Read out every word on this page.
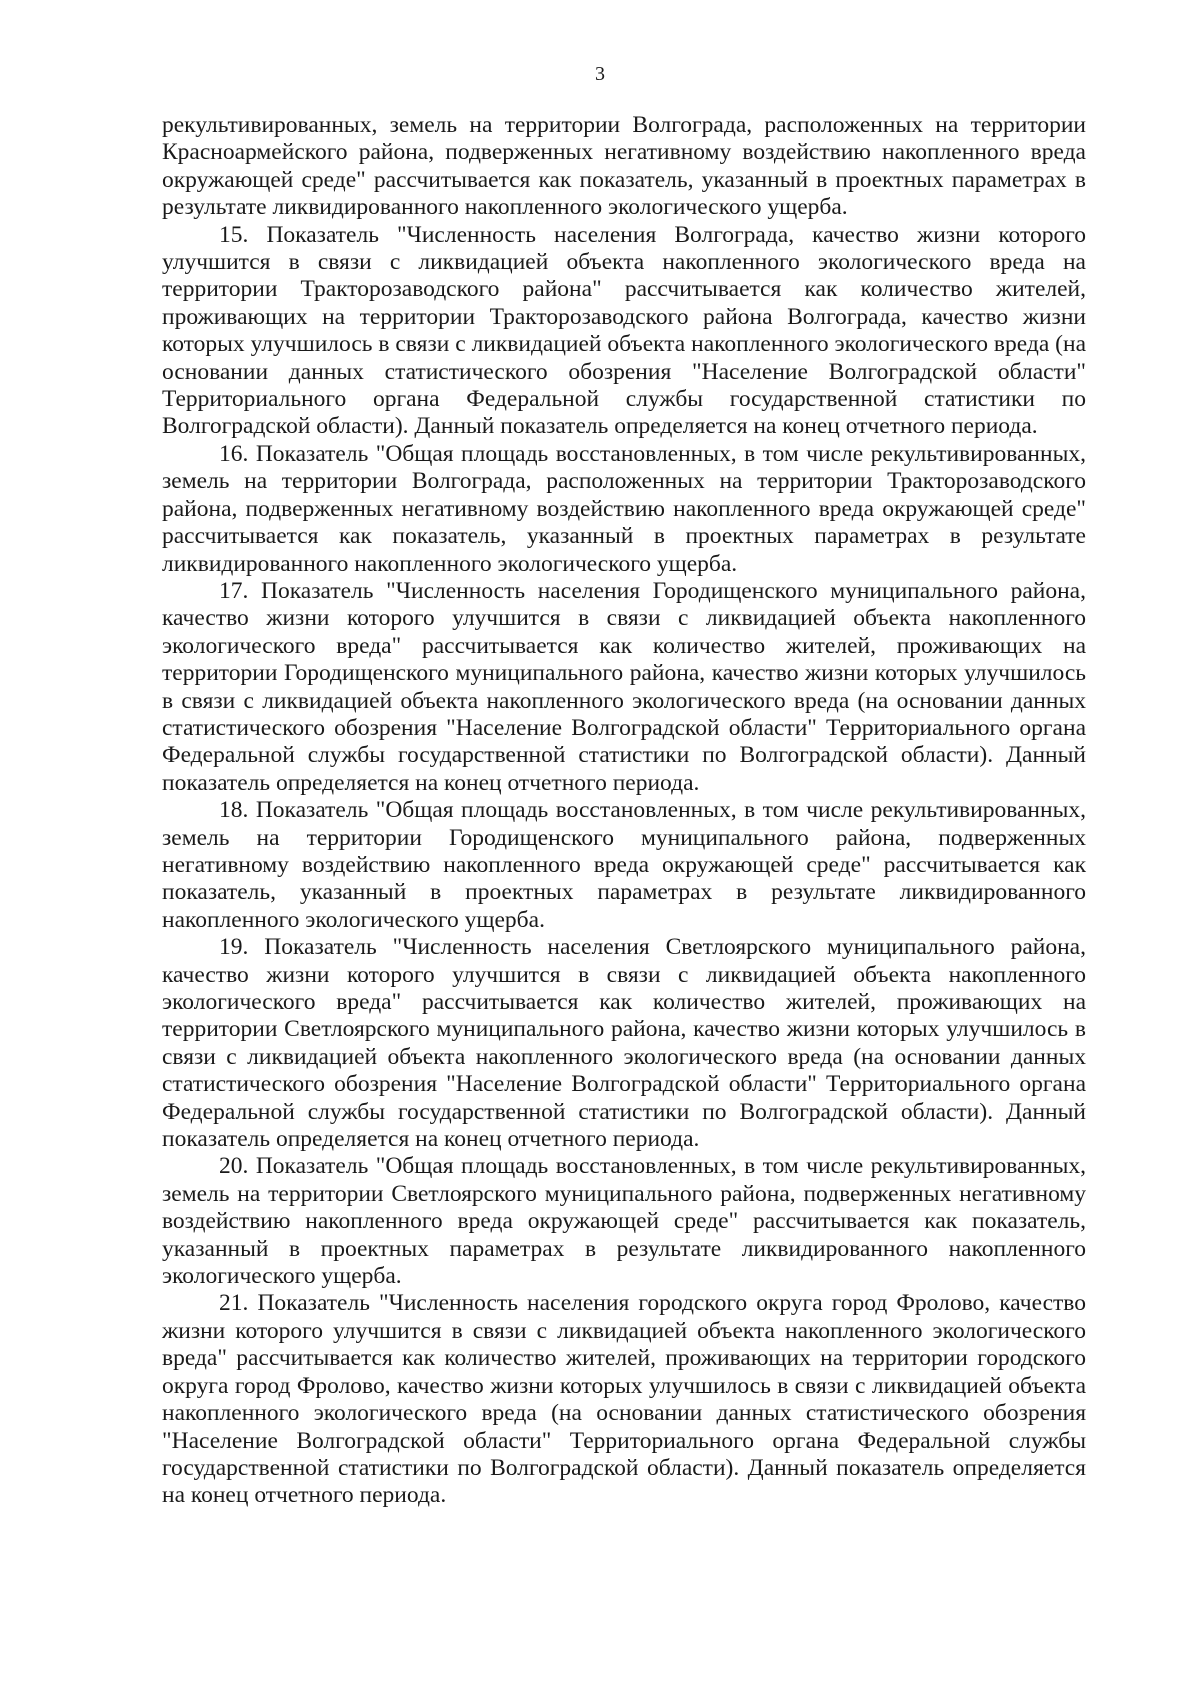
3

рекультивированных, земель на территории Волгограда, расположенных на территории Красноармейского района, подверженных негативному воздействию накопленного вреда окружающей среде" рассчитывается как показатель, указанный в проектных параметрах в результате ликвидированного накопленного экологического ущерба.

15. Показатель "Численность населения Волгограда, качество жизни которого улучшится в связи с ликвидацией объекта накопленного экологического вреда на территории Тракторозаводского района" рассчитывается как количество жителей, проживающих на территории Тракторозаводского района Волгограда, качество жизни которых улучшилось в связи с ликвидацией объекта накопленного экологического вреда (на основании данных статистического обозрения "Население Волгоградской области" Территориального органа Федеральной службы государственной статистики по Волгоградской области). Данный показатель определяется на конец отчетного периода.

16. Показатель "Общая площадь восстановленных, в том числе рекультивированных, земель на территории Волгограда, расположенных на территории Тракторозаводского района, подверженных негативному воздействию накопленного вреда окружающей среде" рассчитывается как показатель, указанный в проектных параметрах в результате ликвидированного накопленного экологического ущерба.

17. Показатель "Численность населения Городищенского муниципального района, качество жизни которого улучшится в связи с ликвидацией объекта накопленного экологического вреда" рассчитывается как количество жителей, проживающих на территории Городищенского муниципального района, качество жизни которых улучшилось в связи с ликвидацией объекта накопленного экологического вреда (на основании данных статистического обозрения "Население Волгоградской области" Территориального органа Федеральной службы государственной статистики по Волгоградской области). Данный показатель определяется на конец отчетного периода.

18. Показатель "Общая площадь восстановленных, в том числе рекультивированных, земель на территории Городищенского муниципального района, подверженных негативному воздействию накопленного вреда окружающей среде" рассчитывается как показатель, указанный в проектных параметрах в результате ликвидированного накопленного экологического ущерба.

19. Показатель "Численность населения Светлоярского муниципального района, качество жизни которого улучшится в связи с ликвидацией объекта накопленного экологического вреда" рассчитывается как количество жителей, проживающих на территории Светлоярского муниципального района, качество жизни которых улучшилось в связи с ликвидацией объекта накопленного экологического вреда (на основании данных статистического обозрения "Население Волгоградской области" Территориального органа Федеральной службы государственной статистики по Волгоградской области). Данный показатель определяется на конец отчетного периода.

20. Показатель "Общая площадь восстановленных, в том числе рекультивированных, земель на территории Светлоярского муниципального района, подверженных негативному воздействию накопленного вреда окружающей среде" рассчитывается как показатель, указанный в проектных параметрах в результате ликвидированного накопленного экологического ущерба.

21. Показатель "Численность населения городского округа город Фролово, качество жизни которого улучшится в связи с ликвидацией объекта накопленного экологического вреда" рассчитывается как количество жителей, проживающих на территории городского округа город Фролово, качество жизни которых улучшилось в связи с ликвидацией объекта накопленного экологического вреда (на основании данных статистического обозрения "Население Волгоградской области" Территориального органа Федеральной службы государственной статистики по Волгоградской области). Данный показатель определяется на конец отчетного периода.
